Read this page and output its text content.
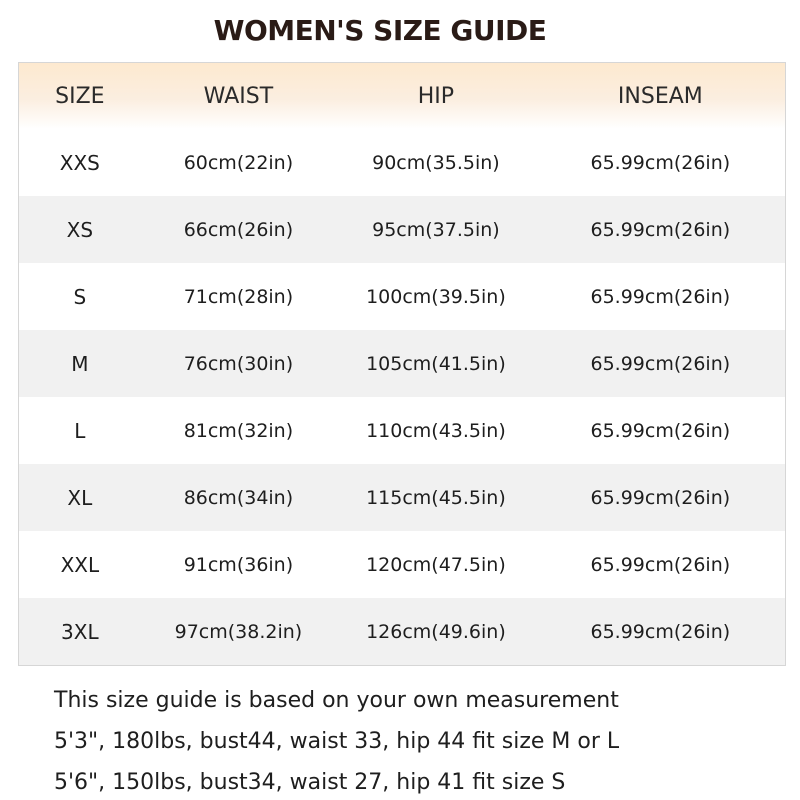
WOMEN'S SIZE GUIDE
SIZE	WAIST	HIP	INSEAM
XXS	60cm(22in)	90cm(35.5in)	65.99cm(26in)
XS	66cm(26in)	95cm(37.5in)	65.99cm(26in)
S	71cm(28in)	100cm(39.5in)	65.99cm(26in)
M	76cm(30in)	105cm(41.5in)	65.99cm(26in)
L	81cm(32in)	110cm(43.5in)	65.99cm(26in)
XL	86cm(34in)	115cm(45.5in)	65.99cm(26in)
XXL	91cm(36in)	120cm(47.5in)	65.99cm(26in)
3XL	97cm(38.2in)	126cm(49.6in)	65.99cm(26in)
This size guide is based on your own measurement
5'3", 180lbs, bust44, waist 33, hip 44 fit size M or L
5'6", 150lbs, bust34, waist 27, hip 41 fit size S
